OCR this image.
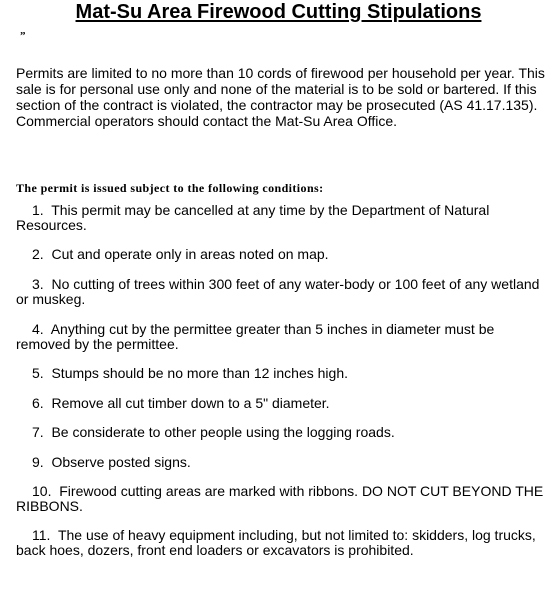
Mat-Su Area Firewood Cutting Stipulations
”

Permits are limited to no more than 10 cords of firewood per household per year. This sale is for personal use only and none of the material is to be sold or bartered. If this section of the contract is violated, the contractor may be prosecuted (AS 41.17.135). Commercial operators should contact the Mat-Su Area Office.

The permit is issued subject to the following conditions:

1. This permit may be cancelled at any time by the Department of Natural Resources.

2. Cut and operate only in areas noted on map.

3. No cutting of trees within 300 feet of any water-body or 100 feet of any wetland or muskeg.

4. Anything cut by the permittee greater than 5 inches in diameter must be removed by the permittee.

5. Stumps should be no more than 12 inches high.

6. Remove all cut timber down to a 5" diameter.

7. Be considerate to other people using the logging roads.

9. Observe posted signs.

10. Firewood cutting areas are marked with ribbons. DO NOT CUT BEYOND THE RIBBONS.

11. The use of heavy equipment including, but not limited to: skidders, log trucks, back hoes, dozers, front end loaders or excavators is prohibited.
